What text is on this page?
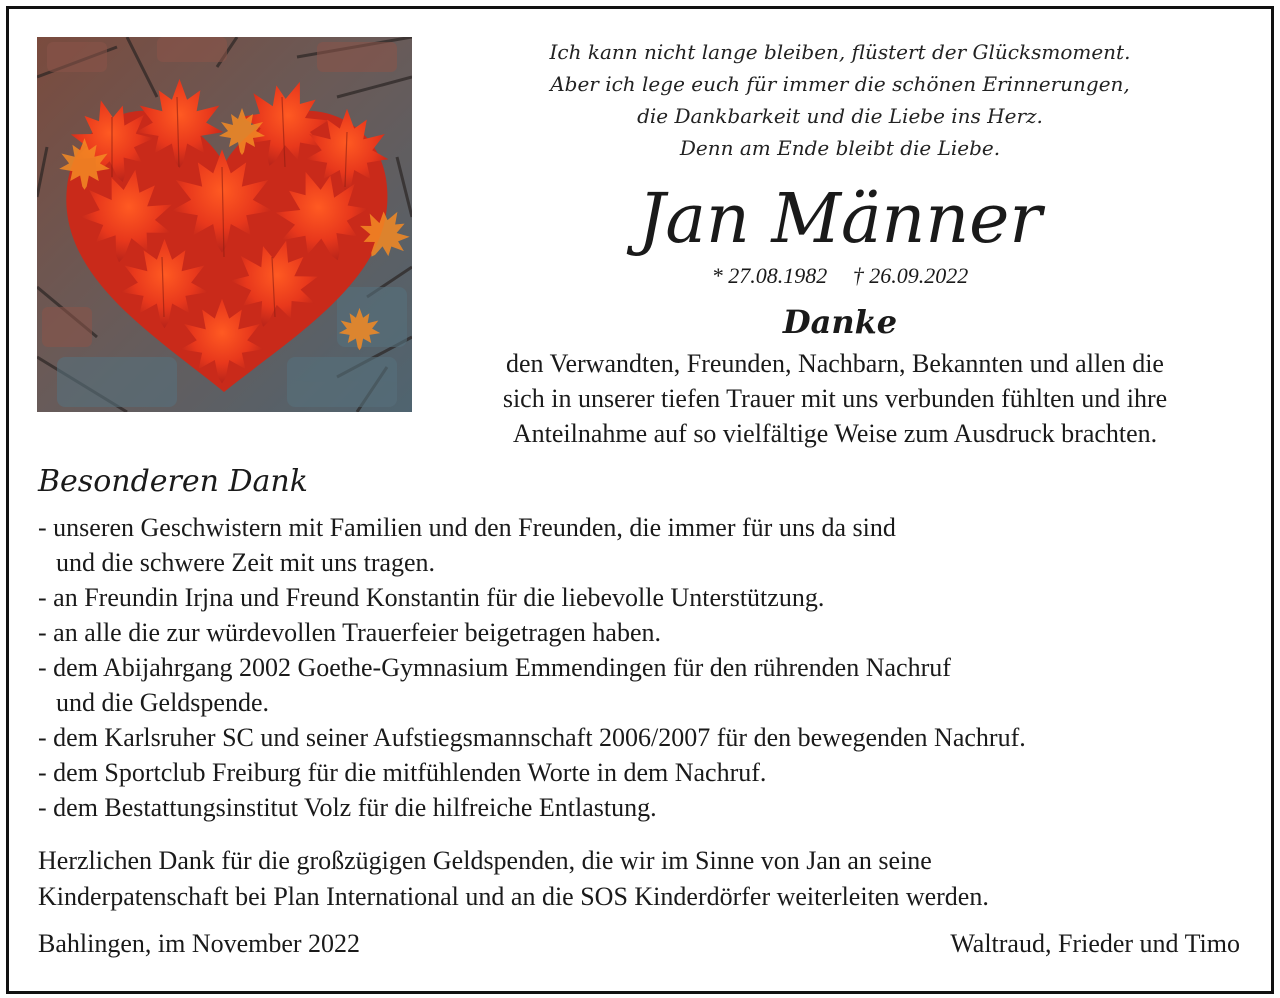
Ich kann nicht lange bleiben, flüstert der Glücksmoment.
Aber ich lege euch für immer die schönen Erinnerungen,
die Dankbarkeit und die Liebe ins Herz.
Denn am Ende bleibt die Liebe.
Jan Männer
* 27.08.1982 † 26.09.2022
Danke
den Verwandten, Freunden, Nachbarn, Bekannten und allen die
sich in unserer tiefen Trauer mit uns verbunden fühlten und ihre
Anteilnahme auf so vielfältige Weise zum Ausdruck brachten.
Besonderen Dank
- unseren Geschwistern mit Familien und den Freunden, die immer für uns da sind
und die schwere Zeit mit uns tragen.
- an Freundin Irjna und Freund Konstantin für die liebevolle Unterstützung.
- an alle die zur würdevollen Trauerfeier beigetragen haben.
- dem Abijahrgang 2002 Goethe-Gymnasium Emmendingen für den rührenden Nachruf
und die Geldspende.
- dem Karlsruher SC und seiner Aufstiegsmannschaft 2006/2007 für den bewegenden Nachruf.
- dem Sportclub Freiburg für die mitfühlenden Worte in dem Nachruf.
- dem Bestattungsinstitut Volz für die hilfreiche Entlastung.
Herzlichen Dank für die großzügigen Geldspenden, die wir im Sinne von Jan an seine
Kinderpatenschaft bei Plan International und an die SOS Kinderdörfer weiterleiten werden.
Bahlingen, im November 2022	Waltraud, Frieder und Timo
